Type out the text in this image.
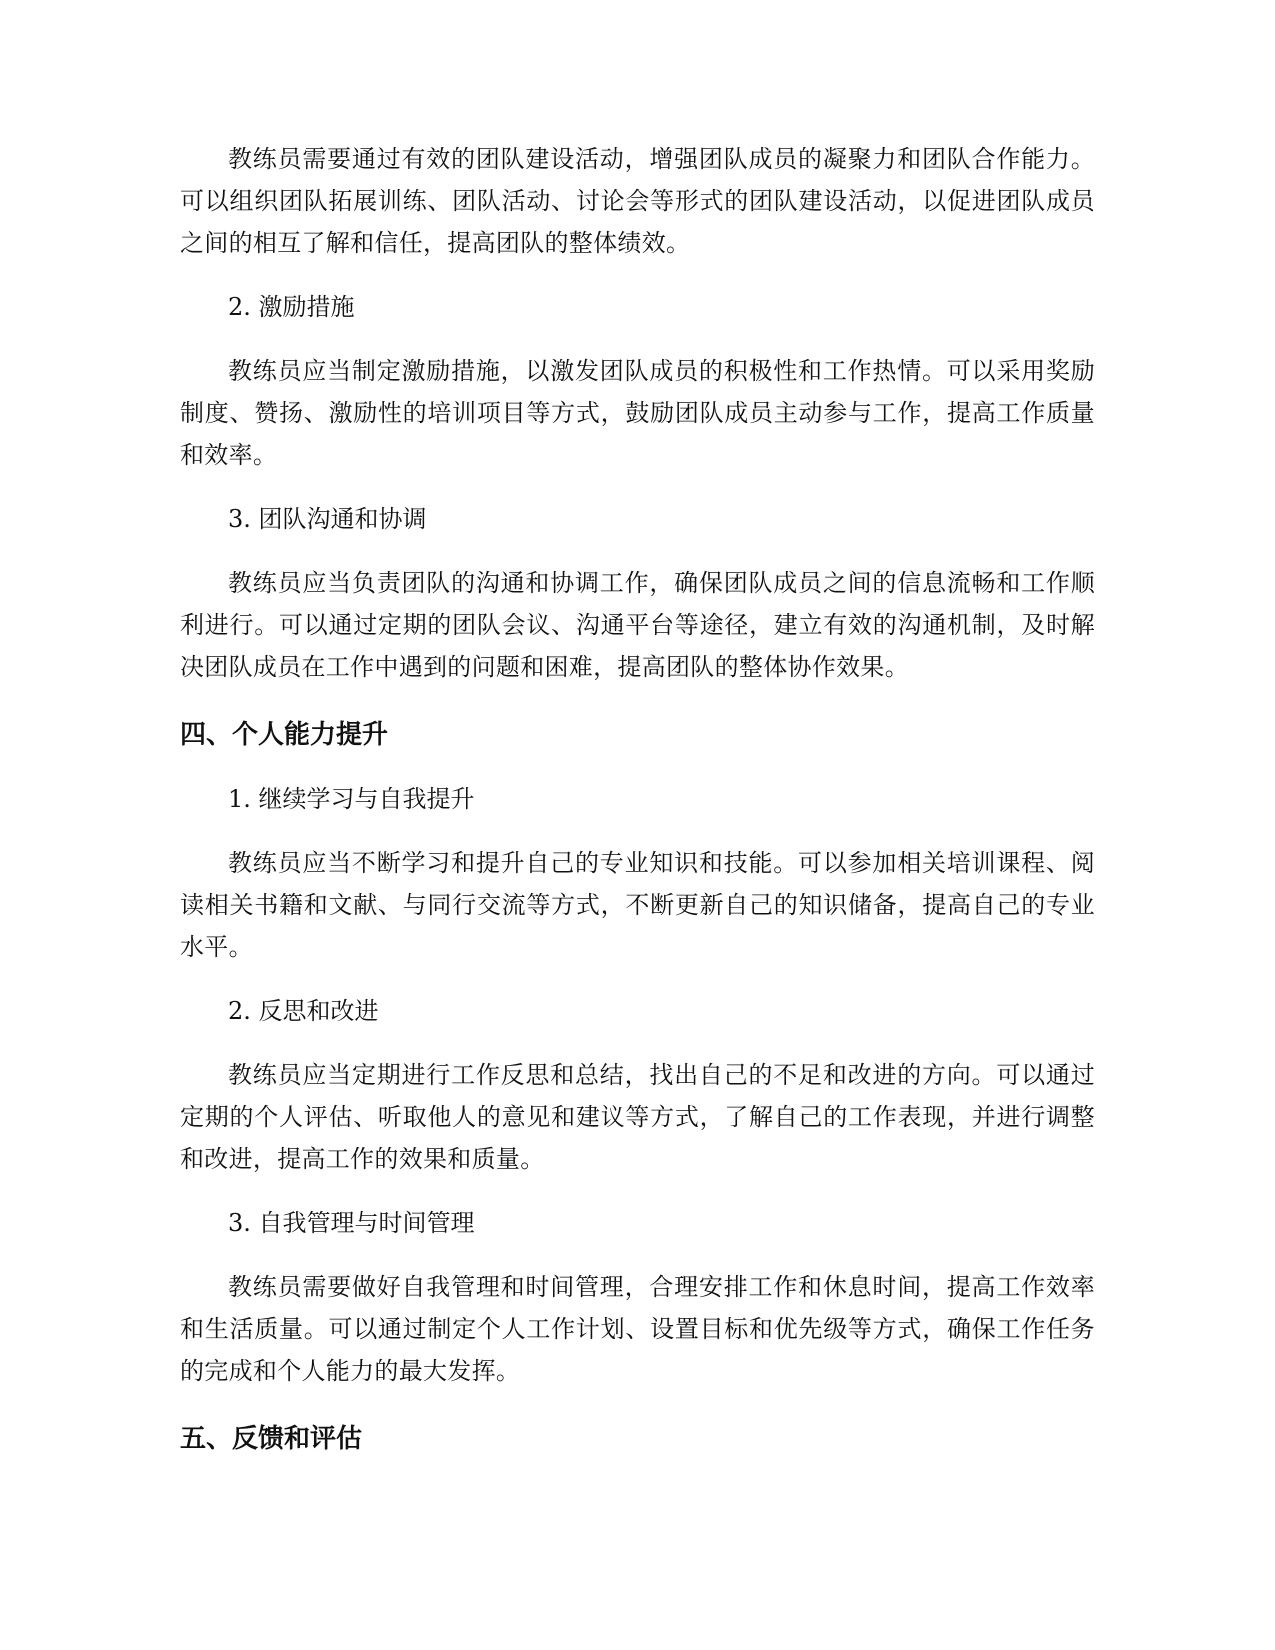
教练员需要通过有效的团队建设活动，增强团队成员的凝聚力和团队合作能力。可以组织团队拓展训练、团队活动、讨论会等形式的团队建设活动，以促进团队成员之间的相互了解和信任，提高团队的整体绩效。

2. 激励措施

教练员应当制定激励措施，以激发团队成员的积极性和工作热情。可以采用奖励制度、赞扬、激励性的培训项目等方式，鼓励团队成员主动参与工作，提高工作质量和效率。

3. 团队沟通和协调

教练员应当负责团队的沟通和协调工作，确保团队成员之间的信息流畅和工作顺利进行。可以通过定期的团队会议、沟通平台等途径，建立有效的沟通机制，及时解决团队成员在工作中遇到的问题和困难，提高团队的整体协作效果。

四、个人能力提升

1. 继续学习与自我提升

教练员应当不断学习和提升自己的专业知识和技能。可以参加相关培训课程、阅读相关书籍和文献、与同行交流等方式，不断更新自己的知识储备，提高自己的专业水平。

2. 反思和改进

教练员应当定期进行工作反思和总结，找出自己的不足和改进的方向。可以通过定期的个人评估、听取他人的意见和建议等方式，了解自己的工作表现，并进行调整和改进，提高工作的效果和质量。

3. 自我管理与时间管理

教练员需要做好自我管理和时间管理，合理安排工作和休息时间，提高工作效率和生活质量。可以通过制定个人工作计划、设置目标和优先级等方式，确保工作任务的完成和个人能力的最大发挥。

五、反馈和评估
